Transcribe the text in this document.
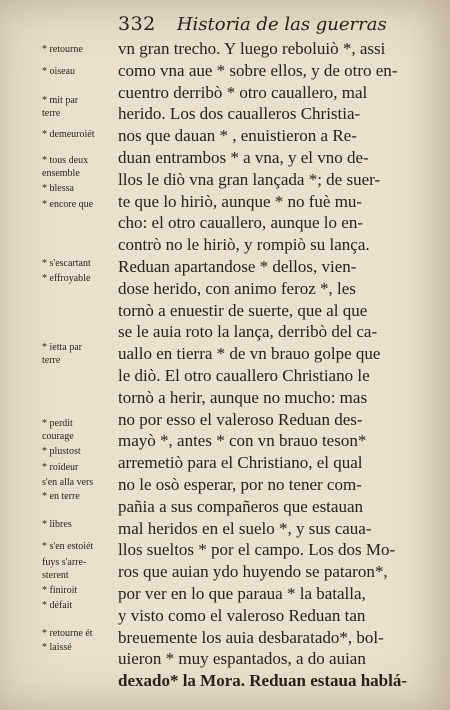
332 Historia de las guerras
vn gran trecho. Y luego reboluiò *, assi
como vna aue * sobre ellos, y de otro en-
cuentro derribò * otro cauallero, mal
herido. Los dos caualleros Christia-
nos que dauan * , enuistieron a Re-
duan entrambos * a vna, y el vno de-
llos le diò vna gran lançada *; de suer-
te que lo hiriò, aunque * no fuè mu-
cho: el otro cauallero, aunque lo en-
contrò no le hiriò, y rompiò su lança.
Reduan apartandose * dellos, vien-
dose herido, con animo feroz *, les
tornò a enuestir de suerte, que al que
se le auia roto la lança, derribò del ca-
uallo en tierra * de vn brauo golpe que
le diò. El otro cauallero Christiano le
tornò a herir, aunque no mucho: mas
no por esso el valeroso Reduan des-
mayò *, antes * con vn brauo teson*
arremetiò para el Christiano, el qual
no le osò esperar, por no tener com-
pañia a sus compañeros que estauan
mal heridos en el suelo *, y sus caua-
llos sueltos * por el campo. Los dos Mo-
ros que auian ydo huyendo se pataron*,
por ver en lo que paraua * la batalla,
y visto como el valeroso Reduan tan
breuemente los auia desbaratado*, bol-
uieron * muy espantados, a do auian
dexado* la Mora. Reduan estaua hablá-
* retourne
* oiseau
* mit par
terre
* demeuroiét
* tous deux
ensemble
* blessa
* encore que
* s'escartant
* effroyable
* ietta par
terre
* perdit
courage
* plustost
* roideur
s'en alla vers
* en terre
* libres
* s'en estoiét
fuys s'arre-
sterent
* finiroit
* défait
* retourne ét
* laissé
